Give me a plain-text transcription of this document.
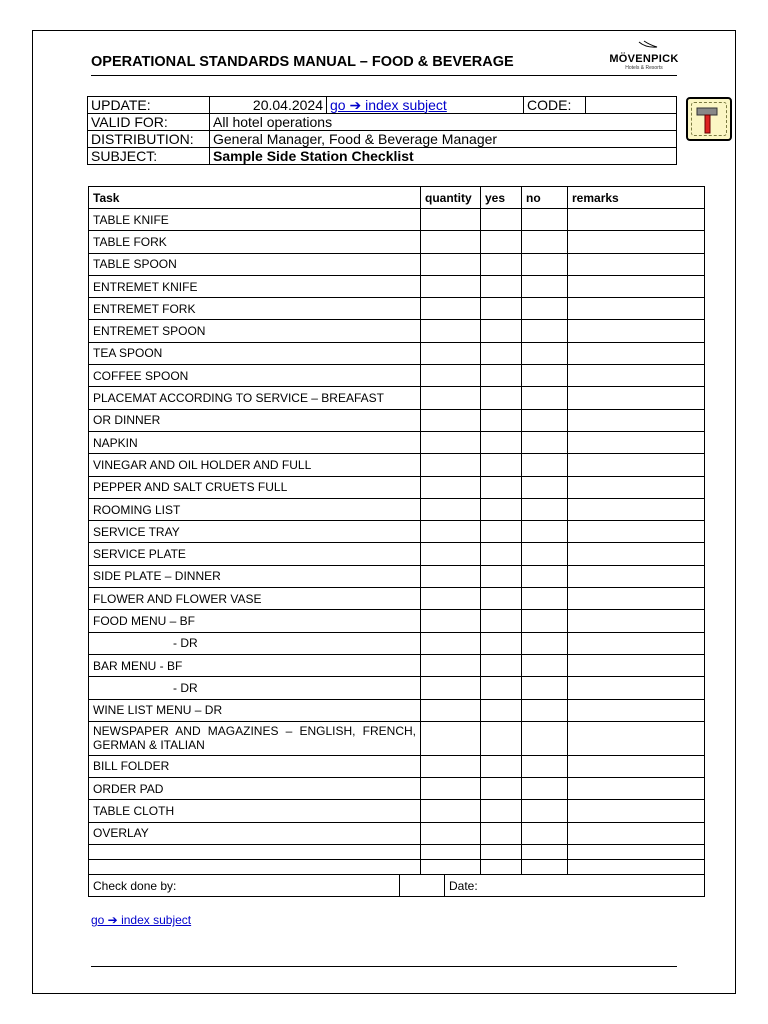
OPERATIONAL STANDARDS MANUAL – FOOD & BEVERAGE	MÖVENPICK
Hotels & Resorts
UPDATE:	20.04.2024	go ➔ index subject	CODE:	
VALID FOR:	All hotel operations			
DISTRIBUTION:	General Manager, Food & Beverage Manager			
SUBJECT:	Sample Side Station Checklist			
Task	quantity	yes	no	remarks
TABLE KNIFE				
TABLE FORK				
TABLE SPOON				
ENTREMET KNIFE				
ENTREMET FORK				
ENTREMET SPOON				
TEA SPOON				
COFFEE SPOON				
PLACEMAT ACCORDING TO SERVICE – BREAFAST				
OR DINNER				
NAPKIN				
VINEGAR AND OIL HOLDER AND FULL				
PEPPER AND SALT CRUETS FULL				
ROOMING LIST				
SERVICE TRAY				
SERVICE PLATE				
SIDE PLATE – DINNER				
FLOWER AND FLOWER VASE				
FOOD MENU – BF				
- DR				
BAR MENU - BF				
- DR				
WINE LIST MENU – DR				
NEWSPAPER AND MAGAZINES – ENGLISH, FRENCH, GERMAN & ITALIAN				
BILL FOLDER				
ORDER PAD				
TABLE CLOTH				
OVERLAY				

Check done by:		Date:
go ➔ index subject
